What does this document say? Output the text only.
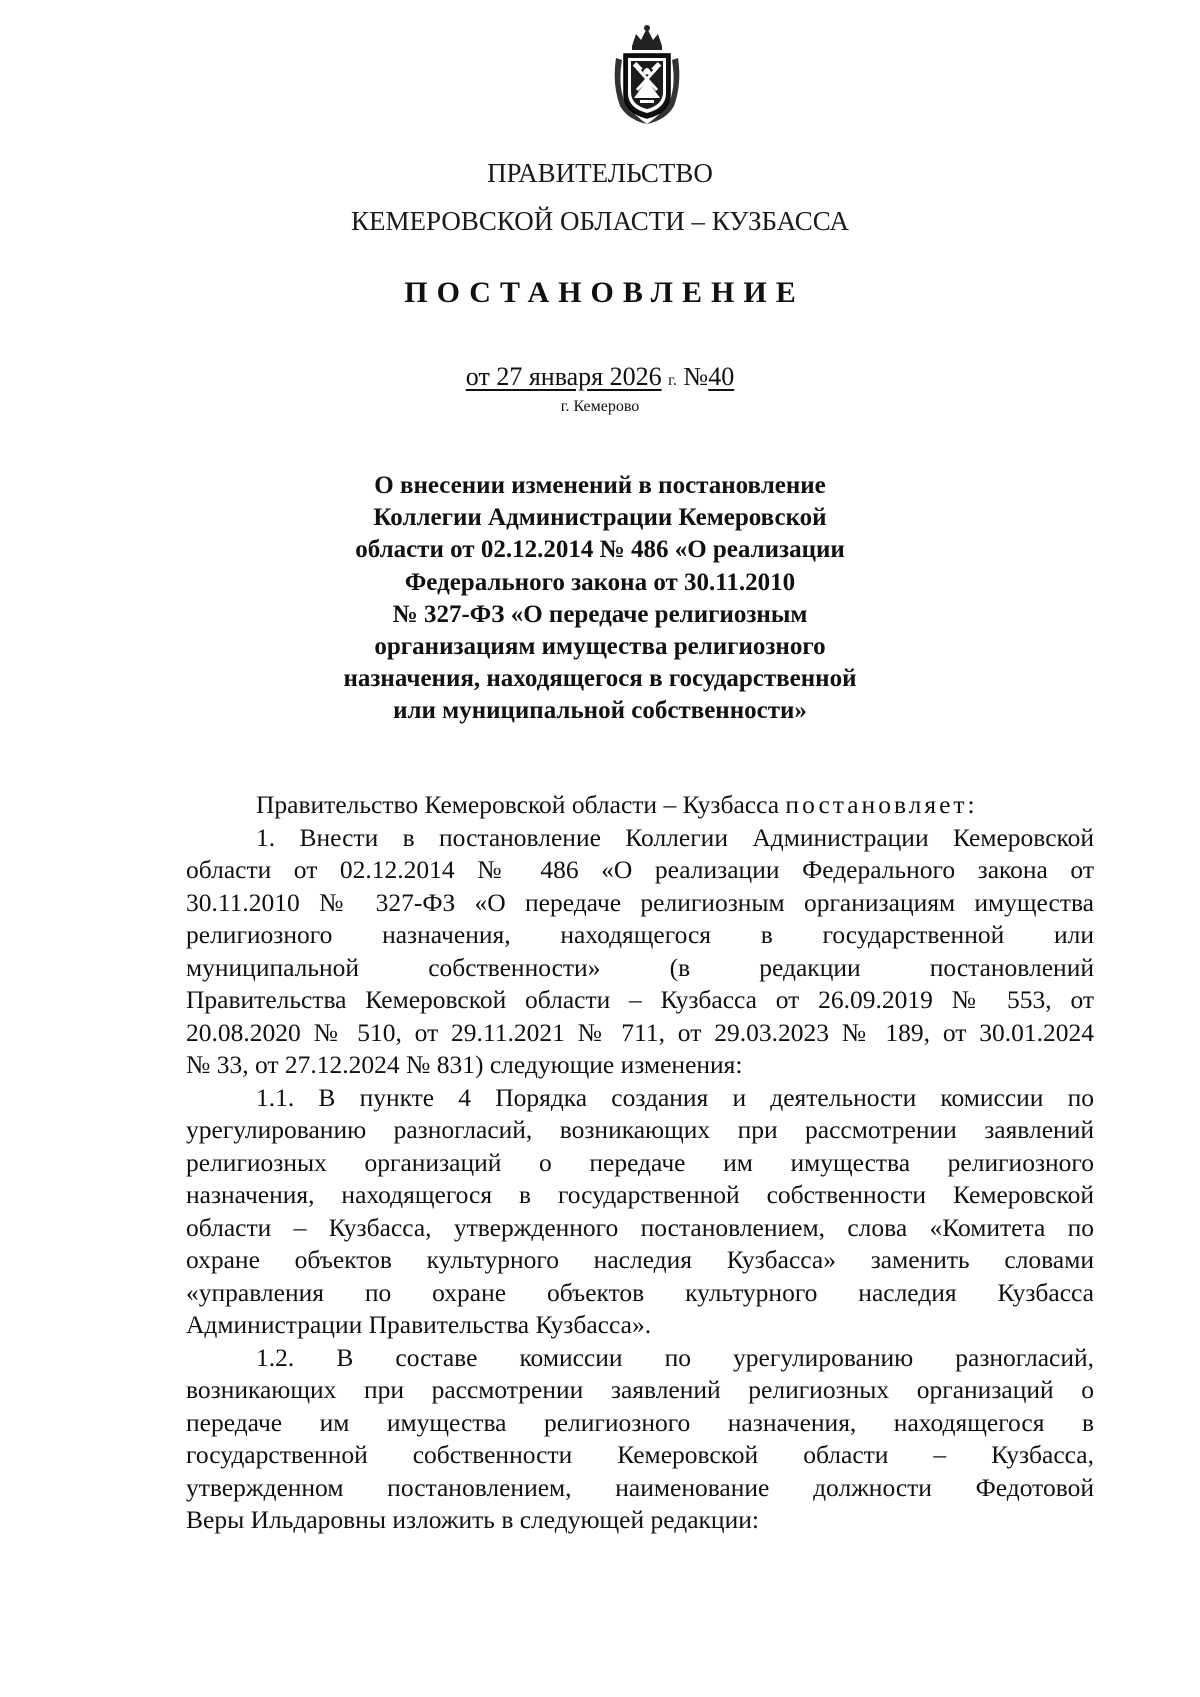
ПРАВИТЕЛЬСТВО
КЕМЕРОВСКОЙ ОБЛАСТИ – КУЗБАССА
ПОСТАНОВЛЕНИЕ
от 27 января 2026 г. №40
г. Кемерово
О внесении изменений в постановление
Коллегии Администрации Кемеровской
области от 02.12.2014 № 486 «О реализации
Федерального закона от 30.11.2010
№ 327-ФЗ «О передаче религиозным
организациям имущества религиозного
назначения, находящегося в государственной
или муниципальной собственности»
Правительство Кемеровской области – Кузбасса постановляет:
1. Внести в постановление Коллегии Администрации Кемеровской
области от 02.12.2014 № 486 «О реализации Федерального закона от
30.11.2010 № 327-ФЗ «О передаче религиозным организациям имущества
религиозного назначения, находящегося в государственной или
муниципальной собственности» (в редакции постановлений
Правительства Кемеровской области – Кузбасса от 26.09.2019 № 553, от
20.08.2020 № 510, от 29.11.2021 № 711, от 29.03.2023 № 189, от 30.01.2024
№ 33, от 27.12.2024 № 831) следующие изменения:
1.1. В пункте 4 Порядка создания и деятельности комиссии по
урегулированию разногласий, возникающих при рассмотрении заявлений
религиозных организаций о передаче им имущества религиозного
назначения, находящегося в государственной собственности Кемеровской
области – Кузбасса, утвержденного постановлением, слова «Комитета по
охране объектов культурного наследия Кузбасса» заменить словами
«управления по охране объектов культурного наследия Кузбасса
Администрации Правительства Кузбасса».
1.2. В составе комиссии по урегулированию разногласий,
возникающих при рассмотрении заявлений религиозных организаций о
передаче им имущества религиозного назначения, находящегося в
государственной собственности Кемеровской области – Кузбасса,
утвержденном постановлением, наименование должности Федотовой
Веры Ильдаровны изложить в следующей редакции:
